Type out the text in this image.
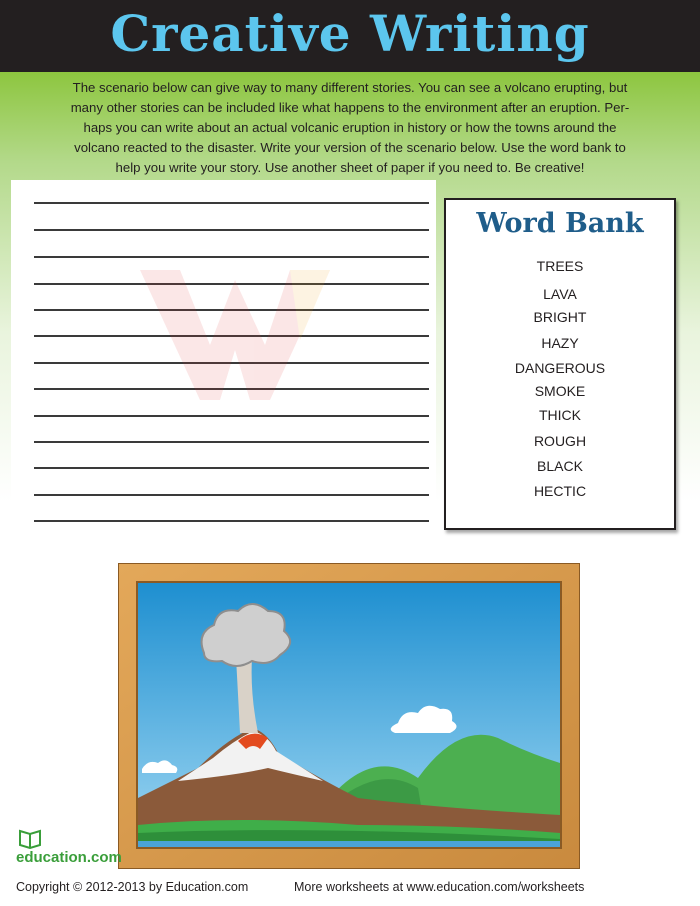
Creative Writing
The scenario below can give way to many different stories. You can see a volcano erupting, but
many other stories can be included like what happens to the environment after an eruption. Per-
haps you can write about an actual volcanic eruption in history or how the towns around the
volcano reacted to the disaster. Write your version of the scenario below. Use the word bank to
help you write your story. Use another sheet of paper if you need to. Be creative!
Word Bank
TREES
LAVA
BRIGHT
HAZY
DANGEROUS
SMOKE
THICK
ROUGH
BLACK
HECTIC
education.com
Copyright © 2012-2013 by Education.com	More worksheets at www.education.com/worksheets
